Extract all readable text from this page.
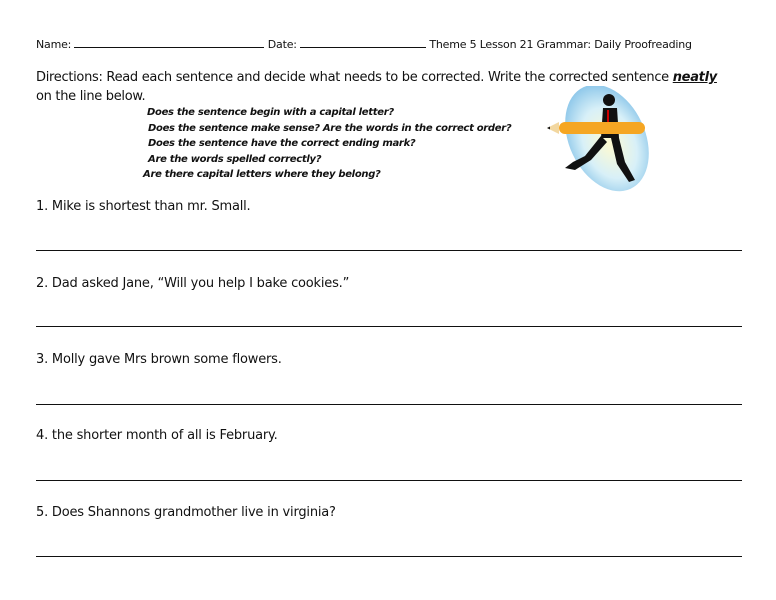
Name:	Date:	Theme 5 Lesson 21 Grammar: Daily Proofreading
Directions: Read each sentence and decide what needs to be corrected. Write the corrected sentence neatly
on the line below.
Does the sentence begin with a capital letter?
Does the sentence make sense? Are the words in the correct order?
Does the sentence have the correct ending mark?
Are the words spelled correctly?
Are there capital letters where they belong?
1. Mike is shortest than mr. Small.
2. Dad asked Jane, “Will you help I bake cookies.”
3. Molly gave Mrs brown some flowers.
4. the shorter month of all is February.
5. Does Shannons grandmother live in virginia?
